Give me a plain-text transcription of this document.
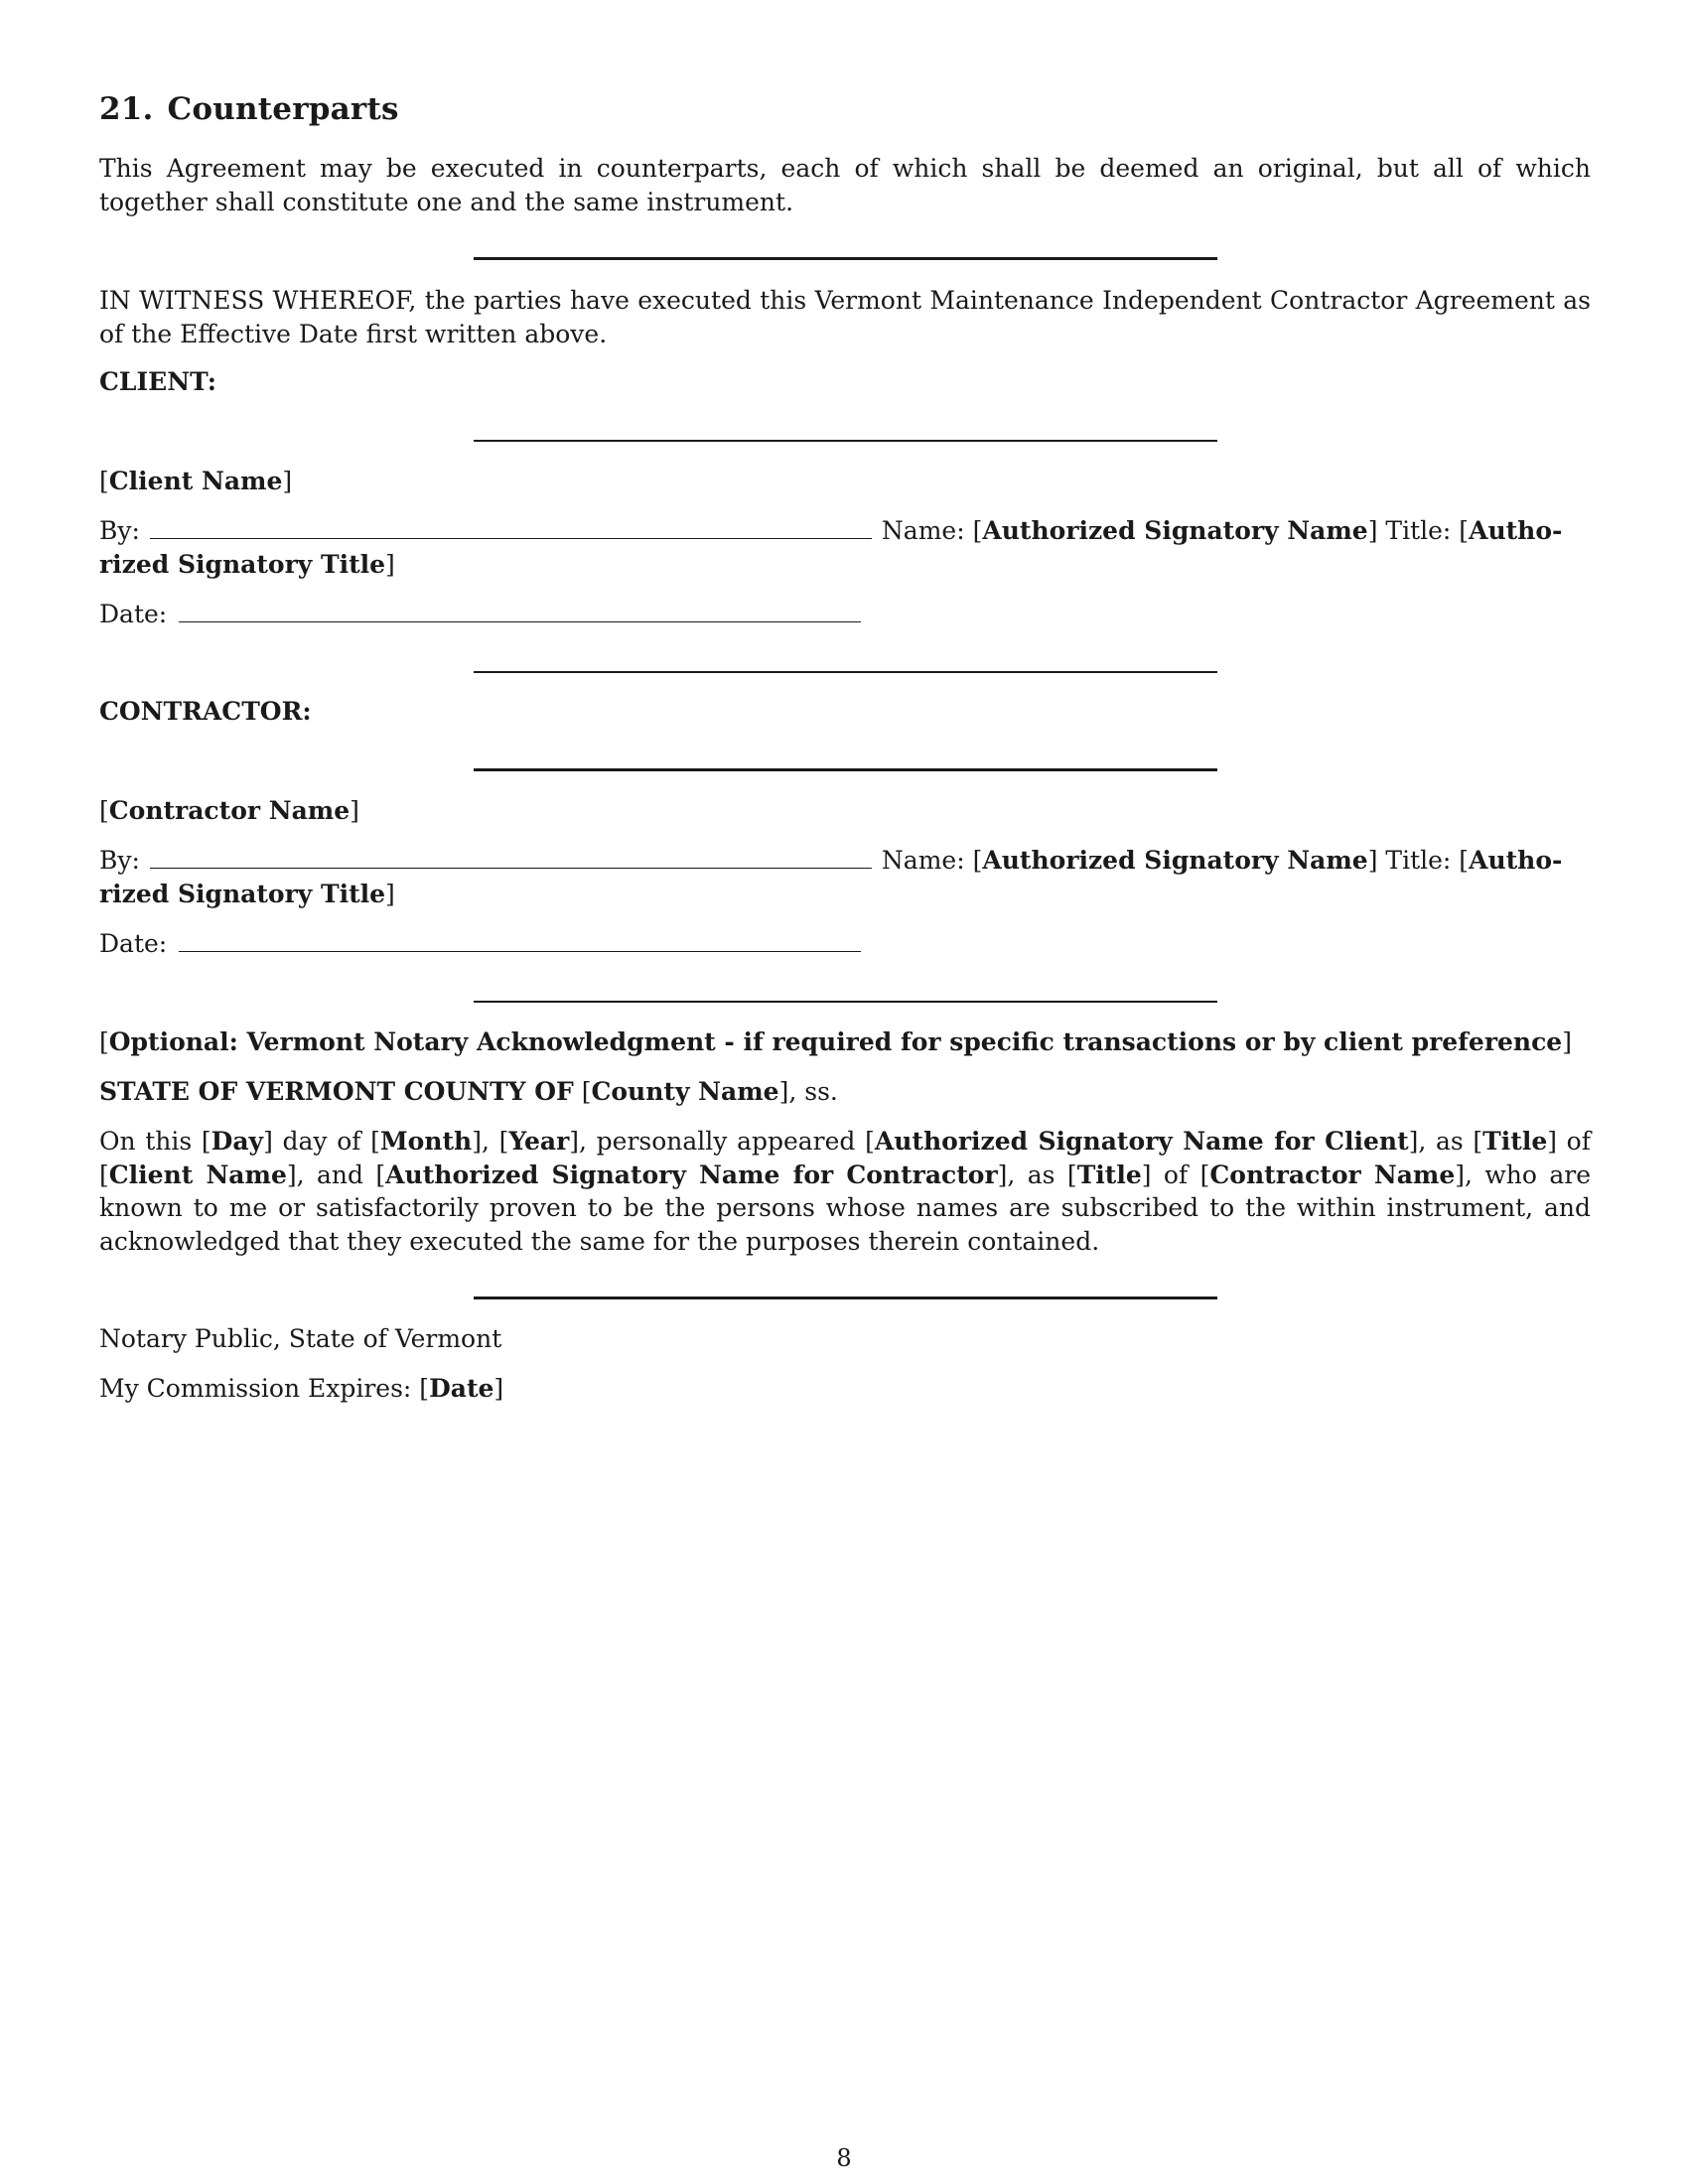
21. Counterparts
This Agreement may be executed in counterparts, each of which shall be deemed an original, but all of which together shall constitute one and the same instrument.
IN WITNESS WHEREOF, the parties have executed this Vermont Maintenance Independent Contractor Agreement as of the Effective Date first written above.
CLIENT:
[Client Name]
By:	Name: [Authorized Signatory Name] Title: [Autho-
rized Signatory Title]
Date:
CONTRACTOR:
[Contractor Name]
By:	Name: [Authorized Signatory Name] Title: [Autho-
rized Signatory Title]
Date:
[Optional: Vermont Notary Acknowledgment - if required for specific transactions or by client preference]
STATE OF VERMONT COUNTY OF [County Name], ss.
On this [Day] day of [Month], [Year], personally appeared [Authorized Signatory Name for Client], as [Title] of [Client Name], and [Authorized Signatory Name for Contractor], as [Title] of [Contractor Name], who are known to me or satisfactorily proven to be the persons whose names are subscribed to the within instrument, and acknowledged that they executed the same for the purposes therein contained.
Notary Public, State of Vermont
My Commission Expires: [Date]
8
